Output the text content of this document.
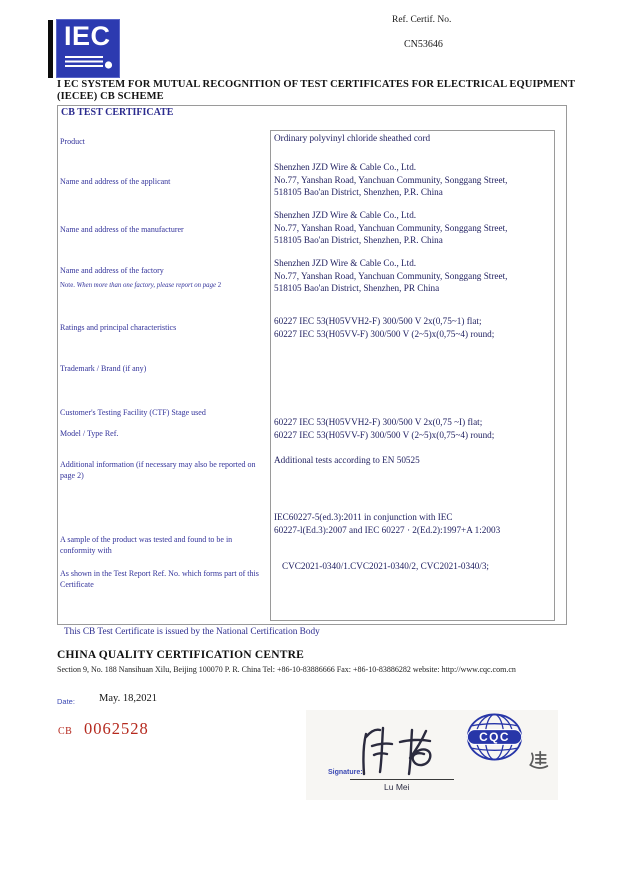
IEC
Ref. Certif. No.
CN53646
I EC SYSTEM FOR MUTUAL RECOGNITION OF TEST CERTIFICATES FOR ELECTRICAL EQUIPMENT
(IECEE) CB SCHEME
CB TEST CERTIFICATE
Product	Ordinary polyvinyl chloride sheathed cord
Name and address of the applicant
Shenzhen JZD Wire & Cable Co., Ltd.
No.77, Yanshan Road, Yanchuan Community, Songgang Street,
518105 Bao'an District, Shenzhen, P.R. China
Name and address of the manufacturer
Shenzhen JZD Wire & Cable Co., Ltd.
No.77, Yanshan Road, Yanchuan Community, Songgang Street,
518105 Bao'an District, Shenzhen, P.R. China
Name and address of the factory
Note. When more than one factory, please report on page 2
Shenzhen JZD Wire & Cable Co., Ltd.
No.77, Yanshan Road, Yanchuan Community, Songgang Street,
518105 Bao'an District, Shenzhen, PR China
Ratings and principal characteristics
60227 IEC 53(H05VVH2-F) 300/500 V 2x(0,75~1) flat;
60227 IEC 53(H05VV-F) 300/500 V (2~5)x(0,75~4) round;
Trademark / Brand (if any)
Customer's Testing Facility (CTF) Stage used
Model / Type Ref.
60227 IEC 53(H05VVH2-F) 300/500 V 2x(0,75 ~I) flat;
60227 IEC 53(H05VV-F) 300/500 V (2~5)x(0,75~4) round;
Additional information (if necessary may also be reported on page 2)
Additional tests according to EN 50525
A sample of the product was tested and found to be in conformity with
IEC60227-5(ed.3):2011 in conjunction with IEC
60227-l(Ed.3):2007 and IEC 60227 · 2(Ed.2):1997+A 1:2003
As shown in the Test Report Ref. No. which forms part of this Certificate
CVC2021-0340/1.CVC2021-0340/2, CVC2021-0340/3;
This CB Test Certificate is issued by the National Certification Body
CHINA QUALITY CERTIFICATION CENTRE
Section 9, No. 188 Nansihuan Xilu, Beijing 100070 P. R. China Tel: +86-10-83886666 Fax: +86-10-83886282 website: http://www.cqc.com.cn
Date: May. 18,2021
CB 0062528	CQC
Signature:
Lu Mei
